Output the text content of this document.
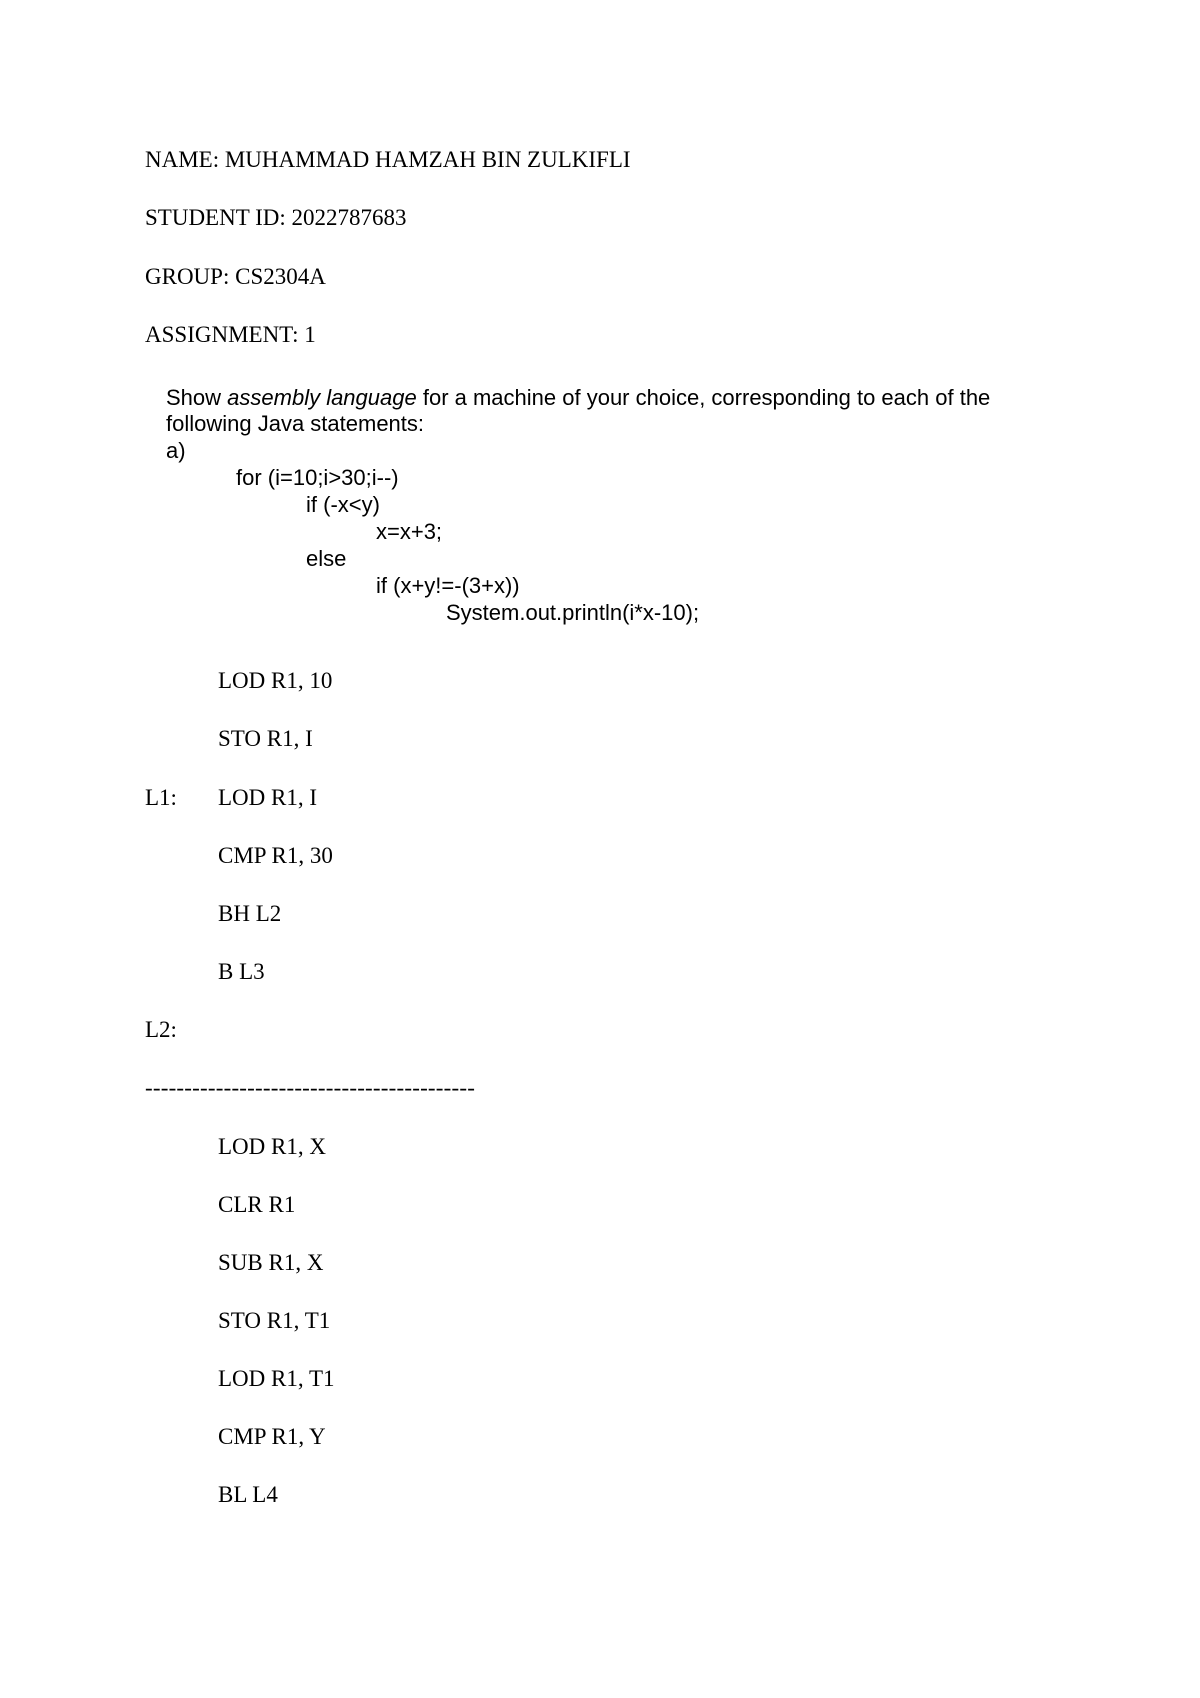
NAME: MUHAMMAD HAMZAH BIN ZULKIFLI
STUDENT ID: 2022787683
GROUP: CS2304A
ASSIGNMENT: 1
Show assembly language for a machine of your choice, corresponding to each of the
following Java statements:
a)
for (i=10;i>30;i--)
if (-x<y)
x=x+3;
else
if (x+y!=-(3+x))
System.out.println(i*x-10);
LOD R1, 10
STO R1, I
L1: LOD R1, I
CMP R1, 30
BH L2
B L3
L2:
------------------------------------------
LOD R1, X
CLR R1
SUB R1, X
STO R1, T1
LOD R1, T1
CMP R1, Y
BL L4
